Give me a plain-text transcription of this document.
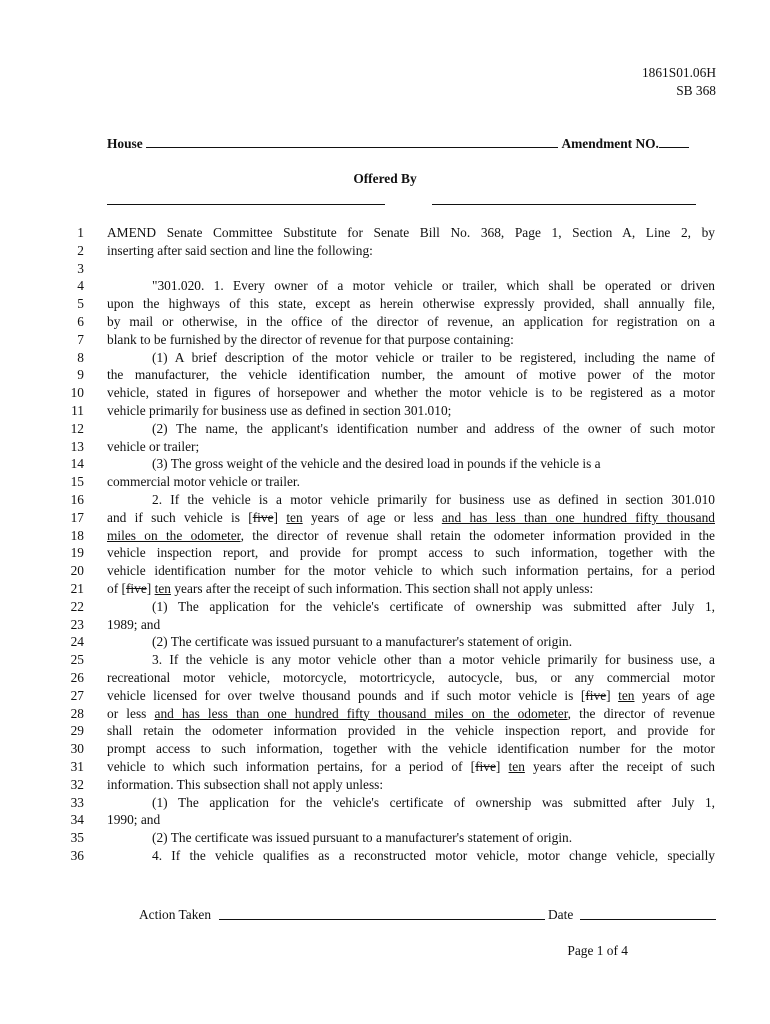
1861S01.06H
SB 368
House	Amendment NO.
Offered By
1 AMEND Senate Committee Substitute for Senate Bill No. 368, Page 1, Section A, Line 2, by
2 inserting after said section and line the following:
3
4	"301.020. 1. Every owner of a motor vehicle or trailer, which shall be operated or driven
5 upon the highways of this state, except as herein otherwise expressly provided, shall annually file,
6 by mail or otherwise, in the office of the director of revenue, an application for registration on a
7 blank to be furnished by the director of revenue for that purpose containing:
8	(1) A brief description of the motor vehicle or trailer to be registered, including the name of
9 the manufacturer, the vehicle identification number, the amount of motive power of the motor
10 vehicle, stated in figures of horsepower and whether the motor vehicle is to be registered as a motor
11 vehicle primarily for business use as defined in section 301.010;
12	(2) The name, the applicant's identification number and address of the owner of such motor
13 vehicle or trailer;
14	(3) The gross weight of the vehicle and the desired load in pounds if the vehicle is a
15 commercial motor vehicle or trailer.
16	2. If the vehicle is a motor vehicle primarily for business use as defined in section 301.010
17 and if such vehicle is [five] ten years of age or less and has less than one hundred fifty thousand
18 miles on the odometer, the director of revenue shall retain the odometer information provided in the
19 vehicle inspection report, and provide for prompt access to such information, together with the
20 vehicle identification number for the motor vehicle to which such information pertains, for a period
21 of [five] ten years after the receipt of such information. This section shall not apply unless:
22	(1) The application for the vehicle's certificate of ownership was submitted after July 1,
23 1989; and
24	(2) The certificate was issued pursuant to a manufacturer's statement of origin.
25	3. If the vehicle is any motor vehicle other than a motor vehicle primarily for business use, a
26 recreational motor vehicle, motorcycle, motortricycle, autocycle, bus, or any commercial motor
27 vehicle licensed for over twelve thousand pounds and if such motor vehicle is [five] ten years of age
28 or less and has less than one hundred fifty thousand miles on the odometer, the director of revenue
29 shall retain the odometer information provided in the vehicle inspection report, and provide for
30 prompt access to such information, together with the vehicle identification number for the motor
31 vehicle to which such information pertains, for a period of [five] ten years after the receipt of such
32 information. This subsection shall not apply unless:
33	(1) The application for the vehicle's certificate of ownership was submitted after July 1,
34 1990; and
35	(2) The certificate was issued pursuant to a manufacturer's statement of origin.
36	4. If the vehicle qualifies as a reconstructed motor vehicle, motor change vehicle, specially
Action Taken	Date
Page 1 of 4
